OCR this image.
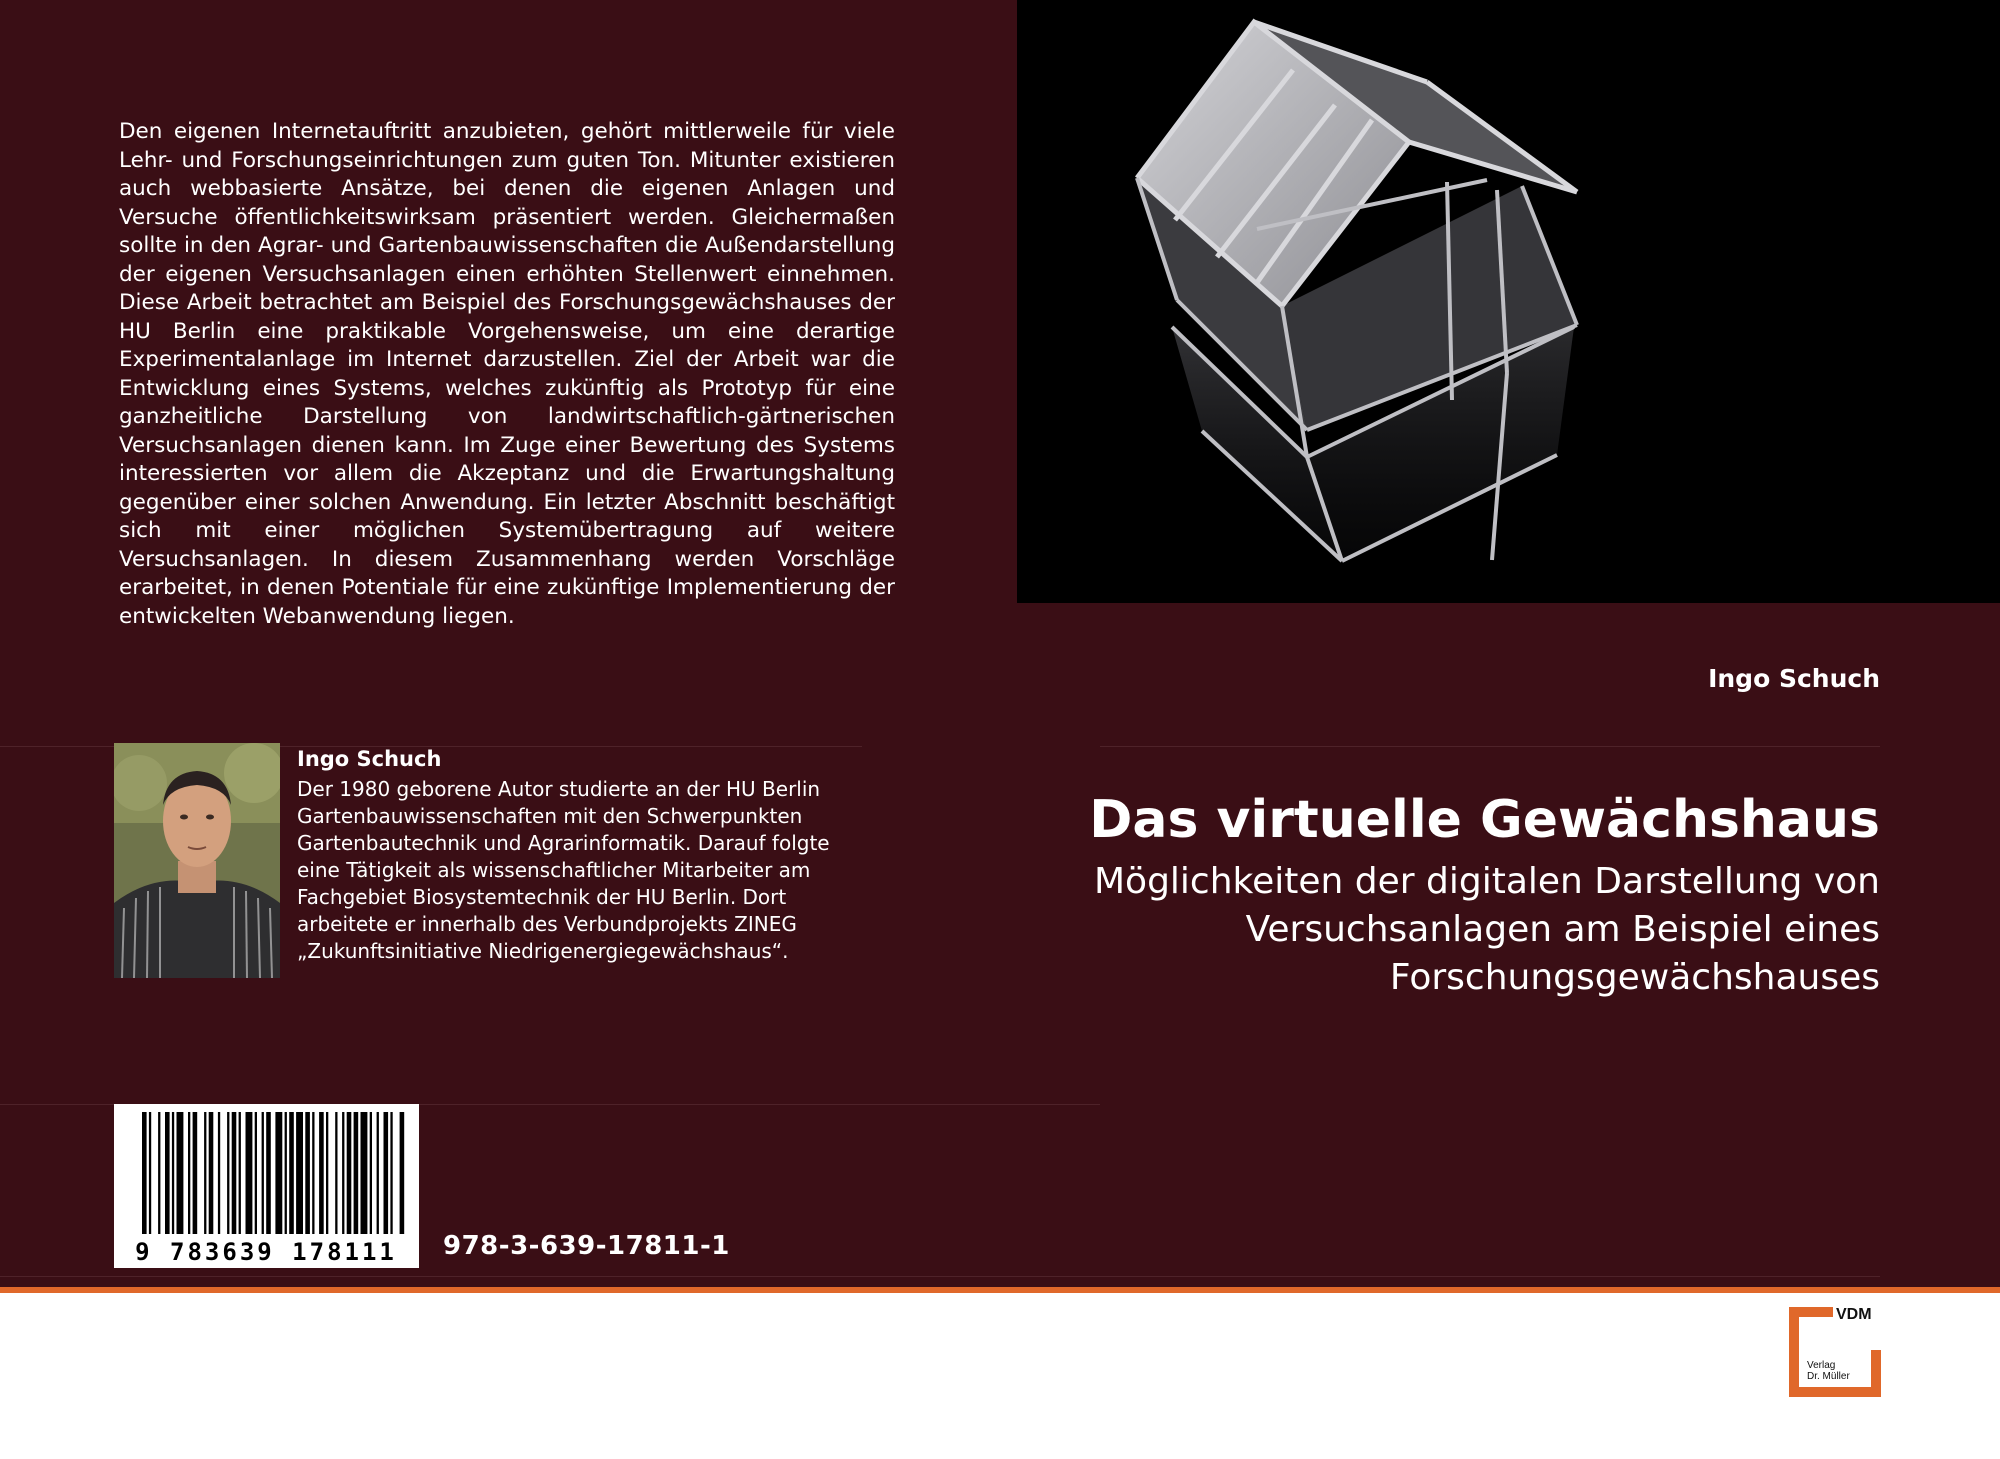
Den eigenen Internetauftritt anzubieten, gehört mittlerweile für viele Lehr- und Forschungseinrichtungen zum guten Ton. Mitunter existieren auch webbasierte Ansätze, bei denen die eigenen Anlagen und Versuche öffentlichkeitswirksam präsentiert werden. Gleichermaßen sollte in den Agrar- und Gartenbauwissenschaften die Außendarstellung der eigenen Versuchsanlagen einen erhöhten Stellenwert einnehmen. Diese Arbeit betrachtet am Beispiel des Forschungsgewächshauses der HU Berlin eine praktikable Vorgehensweise, um eine derartige Experimentalanlage im Internet darzustellen. Ziel der Arbeit war die Entwicklung eines Systems, welches zukünftig als Prototyp für eine ganzheitliche Darstellung von landwirtschaftlich-gärtnerischen Versuchsanlagen dienen kann. Im Zuge einer Bewertung des Systems interessierten vor allem die Akzeptanz und die Erwartungshaltung gegenüber einer solchen Anwendung. Ein letzter Abschnitt beschäftigt sich mit einer möglichen Systemübertragung auf weitere Versuchsanlagen. In diesem Zusammenhang werden Vorschläge erarbeitet, in denen Potentiale für eine zukünftige Implementierung der entwickelten Webanwendung liegen.
Ingo Schuch
Das virtuelle Gewächshaus
Möglichkeiten der digitalen Darstellung von Versuchsanlagen am Beispiel eines Forschungsgewächshauses
Ingo Schuch
Der 1980 geborene Autor studierte an der HU Berlin Gartenbauwissenschaften mit den Schwerpunkten Gartenbautechnik und Agrarinformatik. Darauf folgte eine Tätigkeit als wissenschaftlicher Mitarbeiter am Fachgebiet Biosystemtechnik der HU Berlin. Dort arbeitete er innerhalb des Verbundprojekts ZINEG „Zukunftsinitiative Niedrigenergiegewächshaus“.
9 783639 178111 978-3-639-17811-1
VDM
Verlag
Dr. Müller
